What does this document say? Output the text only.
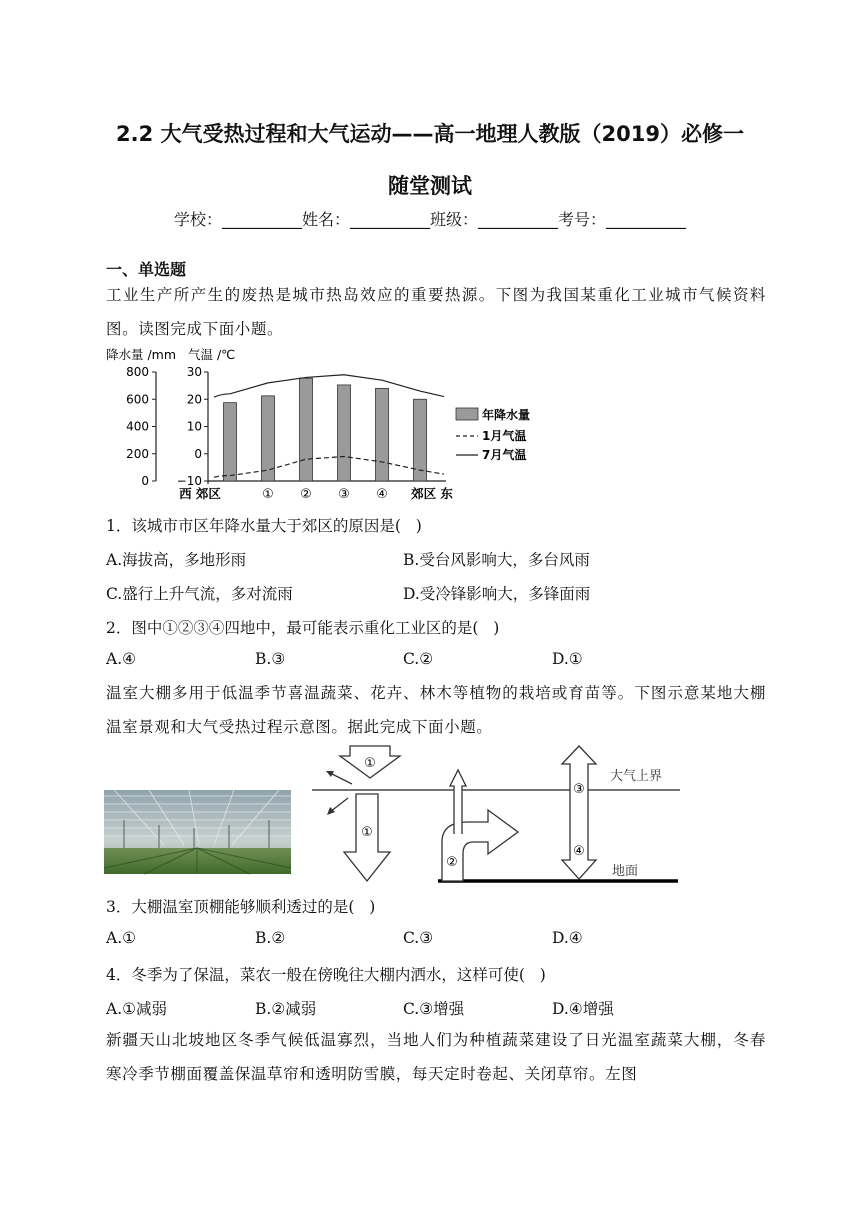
2.2 大气受热过程和大气运动——高一地理人教版（2019）必修一
随堂测试
学校：__________姓名：__________班级：__________考号：__________
一、单选题
工业生产所产生的废热是城市热岛效应的重要热源。下图为我国某重化工业城市气候资料图。读图完成下面小题。
降水量 /mm 气温 /℃
800
600
400
200
0
30
20
10
0
−10
西 郊区	① ② ③ ④ 郊区 东
年降水量
1月气温
7月气温
1．该城市市区年降水量大于郊区的原因是(   )
A.海拔高，多地形雨	B.受台风影响大，多台风雨
C.盛行上升气流，多对流雨	D.受冷锋影响大，多锋面雨
2．图中①②③④四地中，最可能表示重化工业区的是(   )
A.④	B.③	C.②	D.①
温室大棚多用于低温季节喜温蔬菜、花卉、林木等植物的栽培或育苗等。下图示意某地大棚温室景观和大气受热过程示意图。据此完成下面小题。
大气上界
地面
①
①
②
③
④
3．大棚温室顶棚能够顺利透过的是(   )
A.①	B.②	C.③	D.④
4．冬季为了保温，菜农一般在傍晚往大棚内洒水，这样可使(   )
A.①减弱	B.②减弱	C.③增强	D.④增强
新疆天山北坡地区冬季气候低温寡烈，当地人们为种植蔬菜建设了日光温室蔬菜大棚，冬春寒冷季节棚面覆盖保温草帘和透明防雪膜，每天定时卷起、关闭草帘。左图
